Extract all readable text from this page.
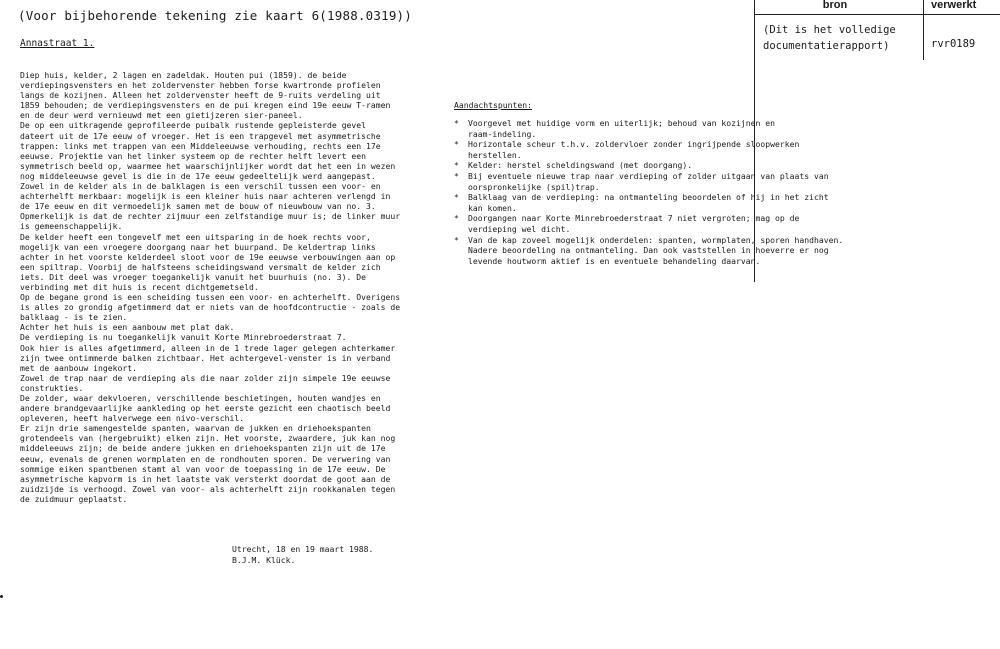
(Voor bijbehorende tekening zie kaart 6(1988.0319))
Annastraat 1.
Diep huis, kelder, 2 lagen en zadeldak. Houten pui (1859). de beide
verdiepingsvensters en het zoldervenster hebben forse kwartronde profielen
langs de kozijnen. Alleen het zoldervenster heeft de 9-ruits verdeling uit
1859 behouden; de verdiepingsvensters en de pui kregen eind 19e eeuw T-ramen
en de deur werd vernieuwd met een gietijzeren sier-paneel.
De op een uitkragende geprofileerde puibalk rustende gepleisterde gevel
dateert uit de 17e eeuw of vroeger. Het is een trapgevel met asymmetrische
trappen: links met trappen van een Middeleeuwse verhouding, rechts een 17e
eeuwse. Projektie van het linker systeem op de rechter helft levert een
symmetrisch beeld op, waarmee het waarschijnlijker wordt dat het een in wezen
nog middeleeuwse gevel is die in de 17e eeuw gedeeltelijk werd aangepast.
Zowel in de kelder als in de balklagen is een verschil tussen een voor- en
achterhelft merkbaar: mogelijk is een kleiner huis naar achteren verlengd in
de 17e eeuw en dit vermoedelijk samen met de bouw of nieuwbouw van no. 3.
Opmerkelijk is dat de rechter zijmuur een zelfstandige muur is; de linker muur
is gemeenschappelijk.
De kelder heeft een tongevelf met een uitsparing in de hoek rechts voor,
mogelijk van een vroegere doorgang naar het buurpand. De keldertrap links
achter in het voorste kelderdeel sloot voor de 19e eeuwse verbouwingen aan op
een spiltrap. Voorbij de halfsteens scheidingswand versmalt de kelder zich
iets. Dit deel was vroeger toegankelijk vanuit het buurhuis (no. 3). De
verbinding met dit huis is recent dichtgemetseld.
Op de begane grond is een scheiding tussen een voor- en achterhelft. Overigens
is alles zo grondig afgetimmerd dat er niets van de hoofdcontructie - zoals de
balklaag - is te zien.
Achter het huis is een aanbouw met plat dak.
De verdieping is nu toegankelijk vanuit Korte Minrebroederstraat 7.
Ook hier is alles afgetimmerd, alleen in de 1 trede lager gelegen achterkamer
zijn twee ontimmerde balken zichtbaar. Het achtergevel-venster is in verband
met de aanbouw ingekort.
Zowel de trap naar de verdieping als die naar zolder zijn simpele 19e eeuwse
construkties.
De zolder, waar dekvloeren, verschillende beschietingen, houten wandjes en
andere brandgevaarlijke aankleding op het eerste gezicht een chaotisch beeld
opleveren, heeft halverwege een nivo-verschil.
Er zijn drie samengestelde spanten, waarvan de jukken en driehoekspanten
grotendeels van (hergebruikt) elken zijn. Het voorste, zwaardere, juk kan nog
middeleeuws zijn; de beide andere jukken en driehoekspanten zijn uit de 17e
eeuw, evenals de grenen wormplaten en de rondhouten sporen. De verwering van
sommige eiken spantbenen stamt al van voor de toepassing in de 17e eeuw. De
asymmetrische kapvorm is in het laatste vak versterkt doordat de goot aan de
zuidzijde is verhoogd. Zowel van voor- als achterhelft zijn rookkanalen tegen
de zuidmuur geplaatst.
Utrecht, 18 en 19 maart 1988.
B.J.M. Klück.
bron	verwerkt
(Dit is het volledige
documentatierapport)	rvr0189
Aandachtspunten:
* Voorgevel met huidige vorm en uiterlijk; behoud van kozijnen en
raam-indeling.
* Horizontale scheur t.h.v. zoldervloer zonder ingrijpende sloopwerken
herstellen.
* Kelder: herstel scheldingswand (met doorgang).
* Bij eventuele nieuwe trap naar verdieping of zolder uitgaan van plaats van
oorspronkelijke (spil)trap.
* Balklaag van de verdieping: na ontmanteling beoordelen of hij in het zicht
kan komen.
* Doorgangen naar Korte Minrebroederstraat 7 niet vergroten; mag op de
verdieping wel dicht.
* Van de kap zoveel mogelijk onderdelen: spanten, wormplaten, sporen handhaven.
Nadere beoordeling na ontmanteling. Dan ook vaststellen in hoeverre er nog
levende houtworm aktief is en eventuele behandeling daarvan.
